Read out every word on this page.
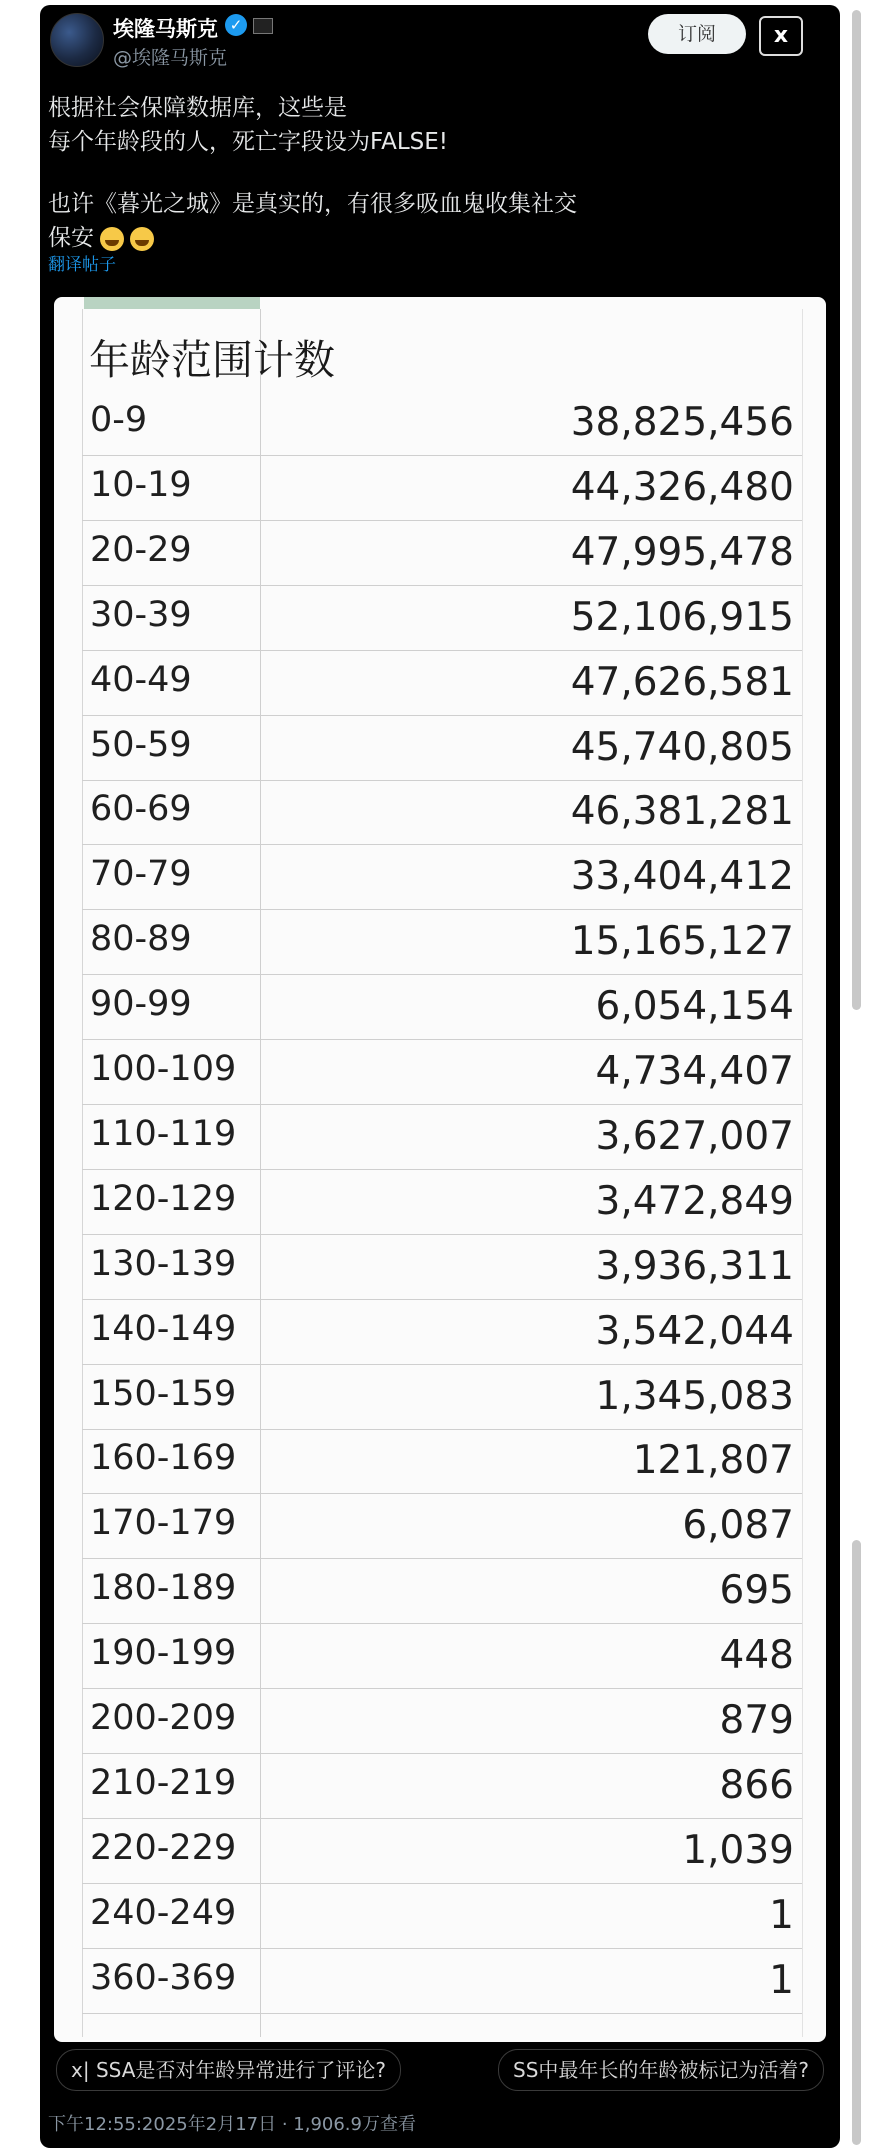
埃隆马斯克 ✓
@埃隆马斯克
订阅	x
根据社会保障数据库，这些是
每个年龄段的人，死亡字段设为FALSE!
也许《暮光之城》是真实的，有很多吸血鬼收集社交
保安
翻译帖子
年龄范围计数
0-9	38,825,456
10-19	44,326,480
20-29	47,995,478
30-39	52,106,915
40-49	47,626,581
50-59	45,740,805
60-69	46,381,281
70-79	33,404,412
80-89	15,165,127
90-99	6,054,154
100-109	4,734,407
110-119	3,627,007
120-129	3,472,849
130-139	3,936,311
140-149	3,542,044
150-159	1,345,083
160-169	121,807
170-179	6,087
180-189	695
190-199	448
200-209	879
210-219	866
220-229	1,039
240-249	1
360-369	1
x| SSA是否对年龄异常进行了评论?	SS中最年长的年龄被标记为活着?
下午12:55:2025年2月17日 · 1,906.9万查看
